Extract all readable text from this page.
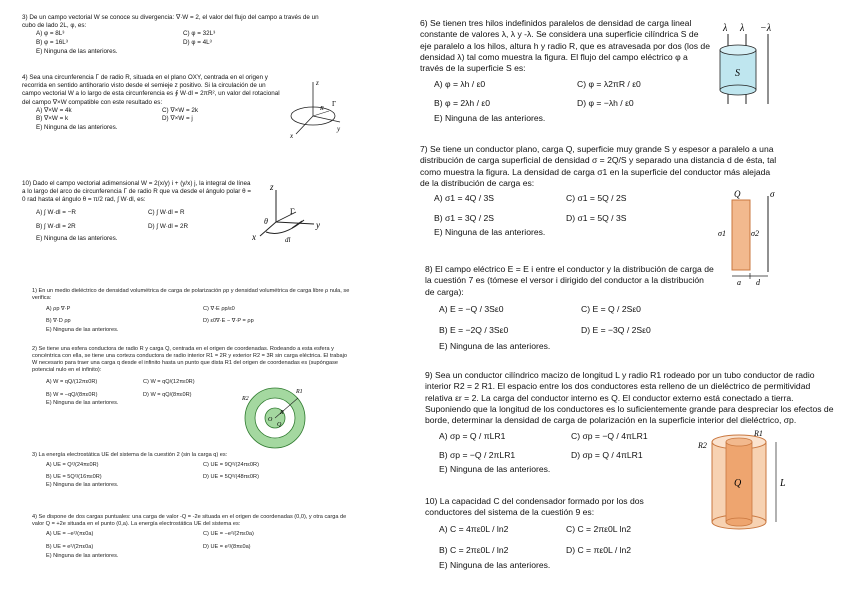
3) De un campo vectorial W se conoce su divergencia: ∇·W = 2, el valor del flujo del campo a través de un cubo de lado 2L, φ, es:
A) φ = 8L³	C) φ = 32L³
B) φ = 16L³	D) φ = 4L³
E) Ninguna de las anteriores.
4) Sea una circunferencia Γ de radio R, situada en el plano OXY, centrada en el origen y recorrida en sentido antihorario visto desde el semieje z positivo. Si la circulación de un campo vectorial W a lo largo de esta circunferencia es ∮ W·dl = 2πR², un valor del rotacional del campo ∇×W compatible con este resultado es:
A) ∇×W = 4k	C) ∇×W = 2k
B) ∇×W = k	D) ∇×W = j
E) Ninguna de las anteriores.
z
y
x
Γ
R
10) Dado el campo vectorial adimensional W = 2(x/y) i + (y/x) j, la integral de línea a lo largo del arco de circunferencia Γ de radio R que va desde el ángulo polar θ = 0 rad hasta el ángulo θ = π/2 rad, ∫ W·dl, es:
A) ∫ W·dl = −R	C) ∫ W·dl = R
B) ∫ W·dl = 2R	D) ∫ W·dl = 2R
E) Ninguna de las anteriores.
z
y
x
θ
Γ
dl
1) En un medio dieléctrico de densidad volumétrica de carga de polarización ρp y densidad volumétrica de carga libre ρ nula, se verifica:
A) ρp ∇·P	C) ∇·E ρp/ε0
B) ∇·D ρp	D) ε0∇·E − ∇·P = ρp
E) Ninguna de las anteriores.
2) Se tiene una esfera conductora de radio R y carga Q, centrada en el origen de coordenadas. Rodeando a esta esfera y concéntrica con ella, se tiene una corteza conductora de radio interior R1 = 2R y exterior R2 = 3R sin carga eléctrica. El trabajo W necesario para traer una carga q desde el infinito hasta un punto que dista R1 del origen de coordenadas es (supóngase potencial nulo en el infinito):
A) W = qQ/(12πε0R)	C) W = qQ/(12πε0R)
B) W = −qQ/(8πε0R)	D) W = qQ/(8πε0R)
E) Ninguna de las anteriores.
R1
R2
R
O
Q
3) La energía electrostática UE del sistema de la cuestión 2 (sin la carga q) es:
A) UE = Q²/(24πε0R)	C) UE = 9Q²/(24πε0R)
B) UE = 5Q²/(16πε0R)	D) UE = 5Q²/(48πε0R)
E) Ninguna de las anteriores.
4) Se dispone de dos cargas puntuales: una carga de valor -Q = -2e situada en el origen de coordenadas (0,0), y otra carga de valor Q = +2e situada en el punto (0,a). La energía electrostática UE del sistema es:
A) UE = −e²/(πε0a)	C) UE = −e²/(2πε0a)
B) UE = e²/(2πε0a)	D) UE = e²/(8πε0a)
E) Ninguna de las anteriores.
6) Se tienen tres hilos indefinidos paralelos de densidad de carga lineal constante de valores λ, λ y -λ. Se considera una superficie cilíndrica S de eje paralelo a los hilos, altura h y radio R, que es atravesada por dos (los de densidad λ) tal como muestra la figura. El flujo del campo eléctrico φ a través de la superficie S es:
A) φ = λh / ε0	C) φ = λ2πR / ε0
B) φ = 2λh / ε0	D) φ = −λh / ε0
E) Ninguna de las anteriores.
λ λ −λ
S
7) Se tiene un conductor plano, carga Q, superficie muy grande S y espesor a paralelo a una distribución de carga superficial de densidad σ = 2Q/S y separado una distancia d de ésta, tal como muestra la figura. La densidad de carga σ1 en la superficie del conductor más alejada de la distribución de carga es:
A) σ1 = 4Q / 3S	C) σ1 = 5Q / 2S
B) σ1 = 3Q / 2S	D) σ1 = 5Q / 3S
E) Ninguna de las anteriores.
Q	σ
σ1	σ2
a d
8) El campo eléctrico E = E i entre el conductor y la distribución de carga de la cuestión 7 es (tómese el versor i dirigido del conductor a la distribución de carga):
A) E = −Q / 3Sε0	C) E = Q / 2Sε0
B) E = −2Q / 3Sε0	D) E = −3Q / 2Sε0
E) Ninguna de las anteriores.
9) Sea un conductor cilíndrico macizo de longitud L y radio R1 rodeado por un tubo conductor de radio interior R2 = 2 R1. El espacio entre los dos conductores esta relleno de un dieléctrico de permitividad relativa εr = 2. La carga del conductor interno es Q. El conductor externo está conectado a tierra. Suponiendo que la longitud de los conductores es lo suficientemente grande para despreciar los efectos de borde, determinar la densidad de carga de polarización en la superficie interior del dieléctrico, σp.
A) σp = Q / πLR1	C) σp = −Q / 4πLR1
B) σp = −Q / 2πLR1	D) σp = Q / 4πLR1
E) Ninguna de las anteriores.
R1
R2
Q	L
10) La capacidad C del condensador formado por los dos conductores del sistema de la cuestión 9 es:
A) C = 4πε0L / ln2	C) C = 2πε0L ln2
B) C = 2πε0L / ln2	D) C = πε0L / ln2
E) Ninguna de las anteriores.
